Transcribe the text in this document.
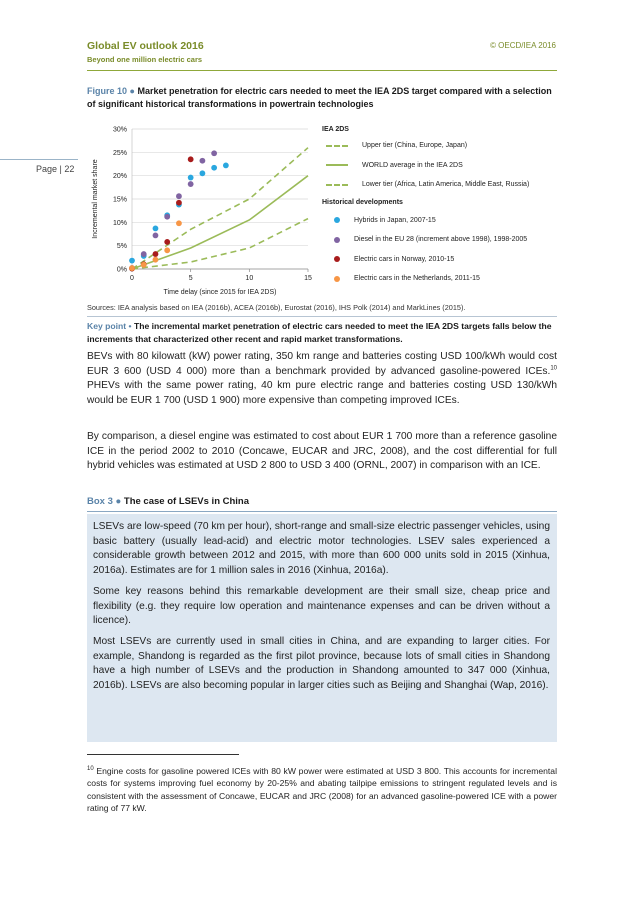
Global EV outlook 2016
Beyond one million electric cars
© OECD/IEA 2016
Page | 22
Figure 10 ● Market penetration for electric cars needed to meet the IEA 2DS target compared with a selection of significant historical transformations in powertrain technologies
0%
5%
10%
15%
20%
25%
30%
0	5	10	15
Time delay (since 2015 for IEA 2DS)
Incremental market share
IEA 2DS
Upper tier (China, Europe, Japan)
WORLD average in the IEA 2DS
Lower tier (Africa, Latin America, Middle East, Russia)
Historical developments
Hybrids in Japan, 2007-15
Diesel in the EU 28 (increment above 1998), 1998-2005
Electric cars in Norway, 2010-15
Electric cars in the Netherlands, 2011-15
Sources: IEA analysis based on IEA (2016b), ACEA (2016b), Eurostat (2016), IHS Polk (2014) and MarkLines (2015).
Key point • The incremental market penetration of electric cars needed to meet the IEA 2DS targets falls below the increments that characterized other recent and rapid market transformations.
BEVs with 80 kilowatt (kW) power rating, 350 km range and batteries costing USD 100/kWh would cost EUR 3 600 (USD 4 000) more than a benchmark provided by advanced gasoline-powered ICEs.$^{10}$ PHEVs with the same power rating, 40 km pure electric range and batteries costing USD 130/kWh would be EUR 1 700 (USD 1 900) more expensive than competing improved ICEs.
By comparison, a diesel engine was estimated to cost about EUR 1 700 more than a reference gasoline ICE in the period 2002 to 2010 (Concawe, EUCAR and JRC, 2008), and the cost differential for full hybrid vehicles was estimated at USD 2 800 to USD 3 400 (ORNL, 2007) in comparison with an ICE.
Box 3 ● The case of LSEVs in China

LSEVs are low-speed (70 km per hour), short-range and small-size electric passenger vehicles, using basic battery (usually lead-acid) and electric motor technologies. LSEV sales experienced a considerable growth between 2012 and 2015, with more than 600 000 units sold in 2015 (Xinhua, 2016a). Estimates are for 1 million sales in 2016 (Xinhua, 2016a).

Some key reasons behind this remarkable development are their small size, cheap price and flexibility (e.g. they require low operation and maintenance expenses and can be driven without a licence).

Most LSEVs are currently used in small cities in China, and are expanding to larger cities. For example, Shandong is regarded as the first pilot province, because lots of small cities in Shandong have a high number of LSEVs and the production in Shandong amounted to 347 000 (Xinhua, 2016b). LSEVs are also becoming popular in larger cities such as Beijing and Shanghai (Wap, 2016).

$^{10}$ Engine costs for gasoline powered ICEs with 80 kW power were estimated at USD 3 800. This accounts for incremental costs for systems improving fuel economy by 20-25% and abating tailpipe emissions to stringent regulated levels and is consistent with the assessment of Concawe, EUCAR and JRC (2008) for an advanced gasoline-powered ICE with a power rating of 77 kW.
